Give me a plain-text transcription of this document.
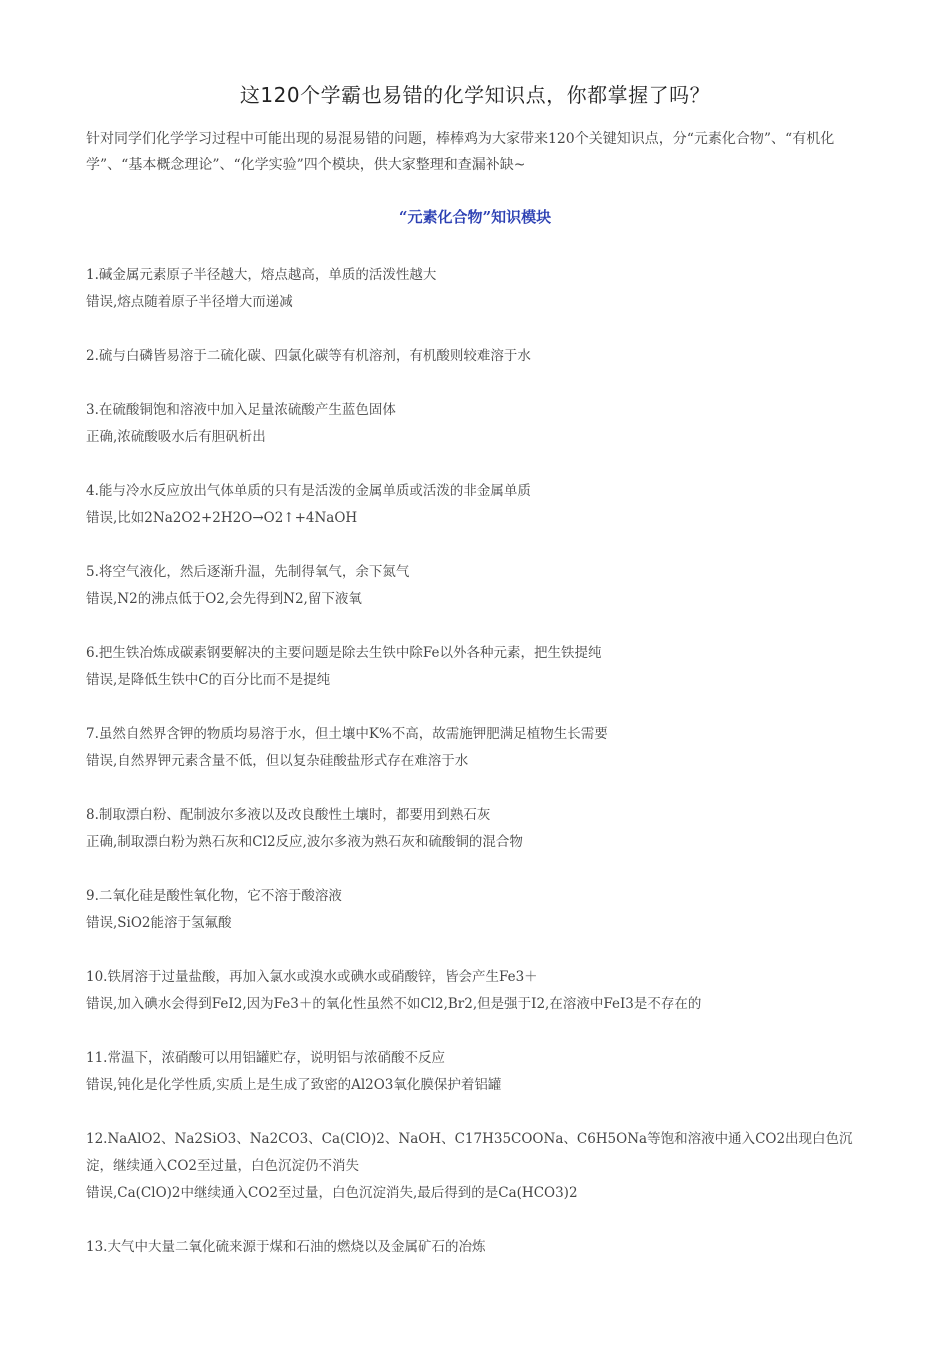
这120个学霸也易错的化学知识点，你都掌握了吗？
针对同学们化学学习过程中可能出现的易混易错的问题，棒棒鸡为大家带来120个关键知识点，分“元素化合物”、“有机化学”、“基本概念理论”、“化学实验”四个模块，供大家整理和查漏补缺~
“元素化合物”知识模块
1.碱金属元素原子半径越大，熔点越高，单质的活泼性越大
错误,熔点随着原子半径增大而递减
2.硫与白磷皆易溶于二硫化碳、四氯化碳等有机溶剂，有机酸则较难溶于水
3.在硫酸铜饱和溶液中加入足量浓硫酸产生蓝色固体
正确,浓硫酸吸水后有胆矾析出
4.能与冷水反应放出气体单质的只有是活泼的金属单质或活泼的非金属单质
错误,比如2Na2O2+2H2O→O2↑+4NaOH
5.将空气液化，然后逐渐升温，先制得氧气，余下氮气
错误,N2的沸点低于O2,会先得到N2,留下液氧
6.把生铁冶炼成碳素钢要解决的主要问题是除去生铁中除Fe以外各种元素，把生铁提纯
错误,是降低生铁中C的百分比而不是提纯
7.虽然自然界含钾的物质均易溶于水，但土壤中K%不高，故需施钾肥满足植物生长需要
错误,自然界钾元素含量不低，但以复杂硅酸盐形式存在难溶于水
8.制取漂白粉、配制波尔多液以及改良酸性土壤时，都要用到熟石灰
正确,制取漂白粉为熟石灰和Cl2反应,波尔多液为熟石灰和硫酸铜的混合物
9.二氧化硅是酸性氧化物，它不溶于酸溶液
错误,SiO2能溶于氢氟酸
10.铁屑溶于过量盐酸，再加入氯水或溴水或碘水或硝酸锌，皆会产生Fe3＋
错误,加入碘水会得到FeI2,因为Fe3＋的氧化性虽然不如Cl2,Br2,但是强于I2,在溶液中FeI3是不存在的
11.常温下，浓硝酸可以用铝罐贮存，说明铝与浓硝酸不反应
错误,钝化是化学性质,实质上是生成了致密的Al2O3氧化膜保护着铝罐
12.NaAlO2、Na2SiO3、Na2CO3、Ca(ClO)2、NaOH、C17H35COONa、C6H5ONa等饱和溶液中通入CO2出现白色沉淀，继续通入CO2至过量，白色沉淀仍不消失
错误,Ca(ClO)2中继续通入CO2至过量，白色沉淀消失,最后得到的是Ca(HCO3)2
13.大气中大量二氧化硫来源于煤和石油的燃烧以及金属矿石的冶炼
